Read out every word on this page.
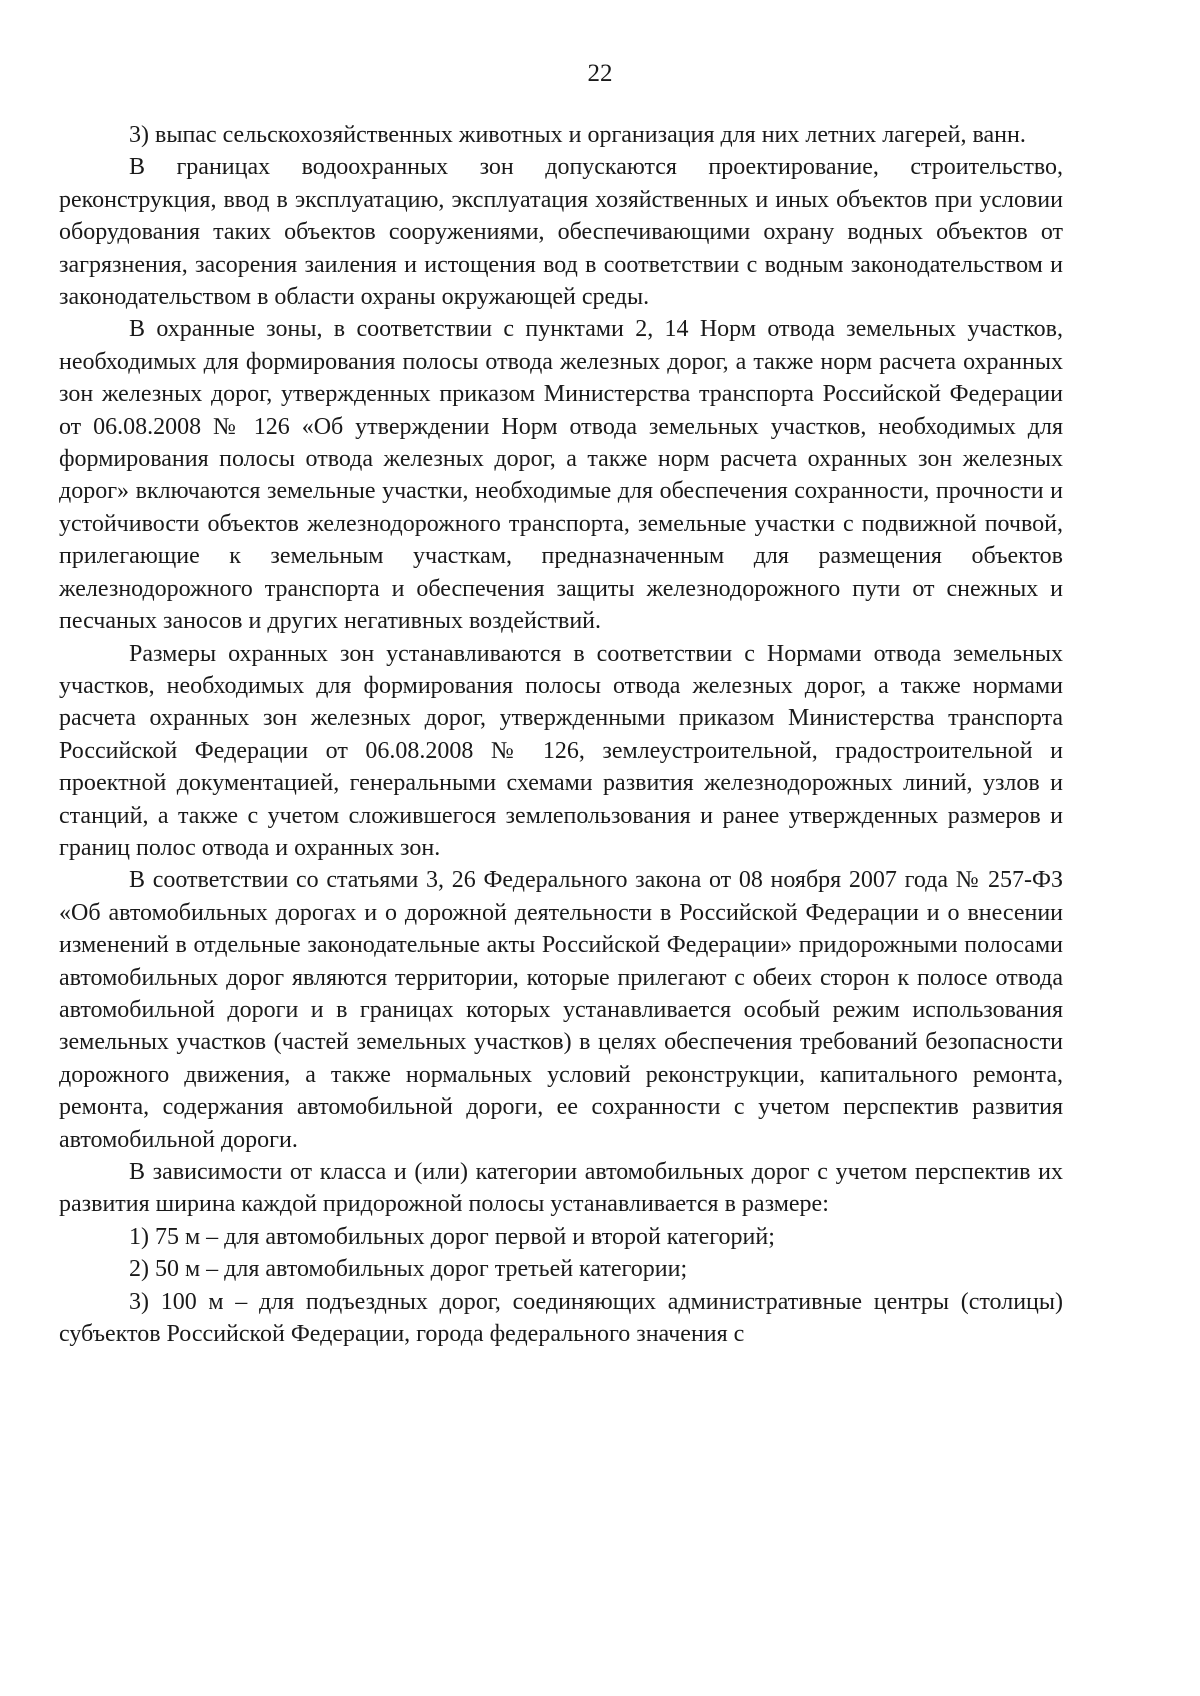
22

3) выпас сельскохозяйственных животных и организация для них летних лагерей, ванн.

В границах водоохранных зон допускаются проектирование, строительство, реконструкция, ввод в эксплуатацию, эксплуатация хозяйственных и иных объектов при условии оборудования таких объектов сооружениями, обеспечивающими охрану водных объектов от загрязнения, засорения заиления и истощения вод в соответствии с водным законодательством и законодательством в области охраны окружающей среды.

В охранные зоны, в соответствии с пунктами 2, 14 Норм отвода земельных участков, необходимых для формирования полосы отвода железных дорог, а также норм расчета охранных зон железных дорог, утвержденных приказом Министерства транспорта Российской Федерации от 06.08.2008 № 126 «Об утверждении Норм отвода земельных участков, необходимых для формирования полосы отвода железных дорог, а также норм расчета охранных зон железных дорог» включаются земельные участки, необходимые для обеспечения сохранности, прочности и устойчивости объектов железнодорожного транспорта, земельные участки с подвижной почвой, прилегающие к земельным участкам, предназначенным для размещения объектов железнодорожного транспорта и обеспечения защиты железнодорожного пути от снежных и песчаных заносов и других негативных воздействий.

Размеры охранных зон устанавливаются в соответствии с Нормами отвода земельных участков, необходимых для формирования полосы отвода железных дорог, а также нормами расчета охранных зон железных дорог, утвержденными приказом Министерства транспорта Российской Федерации от 06.08.2008 № 126, землеустроительной, градостроительной и проектной документацией, генеральными схемами развития железнодорожных линий, узлов и станций, а также с учетом сложившегося землепользования и ранее утвержденных размеров и границ полос отвода и охранных зон.

В соответствии со статьями 3, 26 Федерального закона от 08 ноября 2007 года № 257-ФЗ «Об автомобильных дорогах и о дорожной деятельности в Российской Федерации и о внесении изменений в отдельные законодательные акты Российской Федерации» придорожными полосами автомобильных дорог являются территории, которые прилегают с обеих сторон к полосе отвода автомобильной дороги и в границах которых устанавливается особый режим использования земельных участков (частей земельных участков) в целях обеспечения требований безопасности дорожного движения, а также нормальных условий реконструкции, капитального ремонта, ремонта, содержания автомобильной дороги, ее сохранности с учетом перспектив развития автомобильной дороги.

В зависимости от класса и (или) категории автомобильных дорог с учетом перспектив их развития ширина каждой придорожной полосы устанавливается в размере:

1) 75 м – для автомобильных дорог первой и второй категорий;

2) 50 м – для автомобильных дорог третьей категории;

3) 100 м – для подъездных дорог, соединяющих административные центры (столицы) субъектов Российской Федерации, города федерального значения с
